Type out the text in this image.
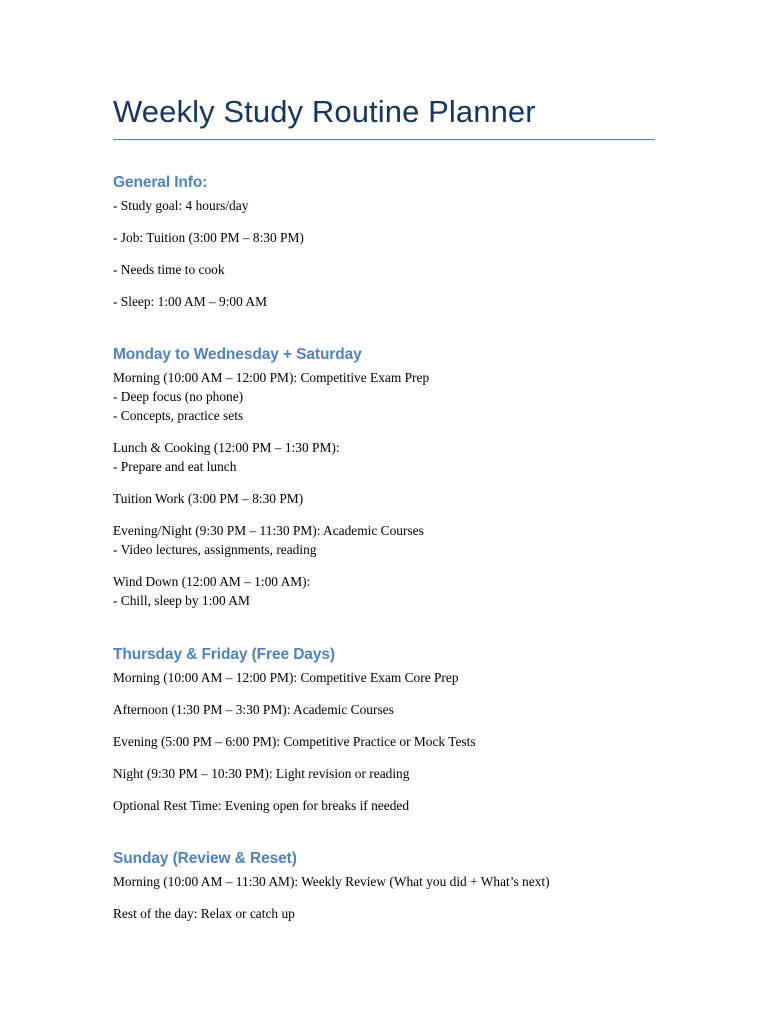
Weekly Study Routine Planner
General Info:

- Study goal: 4 hours/day

- Job: Tuition (3:00 PM – 8:30 PM)

- Needs time to cook

- Sleep: 1:00 AM – 9:00 AM

Monday to Wednesday + Saturday

Morning (10:00 AM – 12:00 PM): Competitive Exam Prep
- Deep focus (no phone)
- Concepts, practice sets

Lunch & Cooking (12:00 PM – 1:30 PM):
- Prepare and eat lunch

Tuition Work (3:00 PM – 8:30 PM)

Evening/Night (9:30 PM – 11:30 PM): Academic Courses
- Video lectures, assignments, reading

Wind Down (12:00 AM – 1:00 AM):
- Chill, sleep by 1:00 AM

Thursday & Friday (Free Days)

Morning (10:00 AM – 12:00 PM): Competitive Exam Core Prep

Afternoon (1:30 PM – 3:30 PM): Academic Courses

Evening (5:00 PM – 6:00 PM): Competitive Practice or Mock Tests

Night (9:30 PM – 10:30 PM): Light revision or reading

Optional Rest Time: Evening open for breaks if needed

Sunday (Review & Reset)

Morning (10:00 AM – 11:30 AM): Weekly Review (What you did + What’s next)

Rest of the day: Relax or catch up
